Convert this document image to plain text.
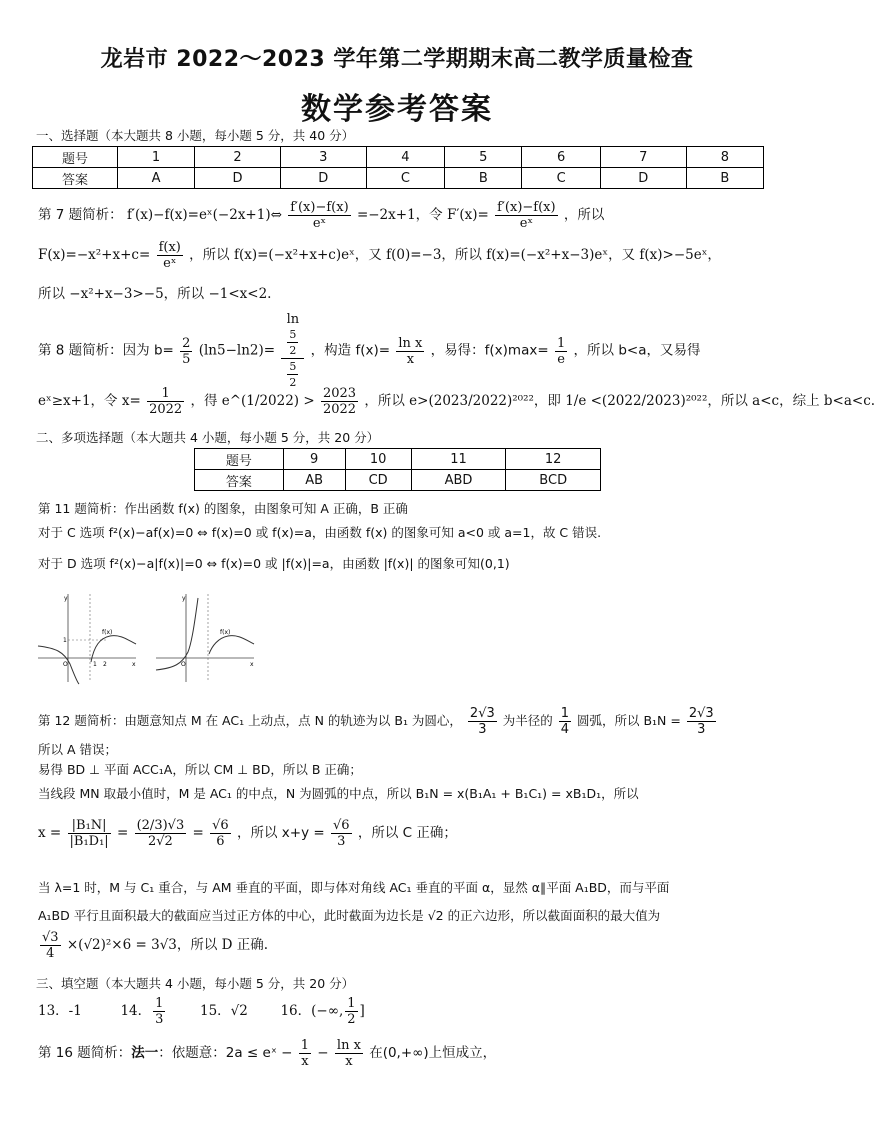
龙岩市 2022～2023 学年第二学期期末高二教学质量检查
数学参考答案
一、选择题（本大题共 8 小题，每小题 5 分，共 40 分）
题号	1	2	3	4	5	6	7	8
答案	A	D	D	C	B	C	D	B
第 7 题简析： f′(x)−f(x)=eˣ(−2x+1)⇔ $\frac{f'(x)-f(x)}{\text{eˣ}} =-2x+1$，令 $F'(x)= \frac{f'(x)-f(x)}{\text{eˣ}}$ ，所以
$F(x)=-x^2+x+c= \frac{f(x)}{\text{eˣ}}$ ，所以 f(x)=(−x²+x+c)eˣ，又 f(0)=−3，所以 f(x)=(−x²+x−3)eˣ，又 f(x)>−5eˣ，
所以 −x²+x−3>−5，所以 −1<x<2.
第 8 题简析：因为 $b= \frac{2}{5} (\ln 5-\ln 2)= \ln$
5
2
5
2 ，构造 $f(x)= \frac{\text{ln x}}{x}$ ，易得：$f(x)\max= \frac{1}{e}$ ，所以 b<a，又易得
eˣ≥x+1，令 $x= \frac{1}{2022}$ ，得 e^(1/2022) > $\frac{2023}{2022}$ ，所以 e>(2023/2022)²⁰²²，即 1/e <(2022/2023)²⁰²²，所以 a<c，综上 b<a<c.
二、多项选择题（本大题共 4 小题，每小题 5 分，共 20 分）
题号	9	10	11	12
答案	AB	CD	ABD	BCD
第 11 题简析：作出函数 f(x) 的图象，由图象可知 A 正确，B 正确
对于 C 选项 f²(x)−af(x)=0 ⇔ f(x)=0 或 f(x)=a，由函数 f(x) 的图象可知 a<0 或 a=1，故 C 错误.
对于 D 选项 f²(x)−a|f(x)|=0 ⇔ f(x)=0 或 |f(x)|=a，由函数 |f(x)| 的图象可知(0,1)
y
x
O
1
1 2
f(x)
y
x
O
f(x)
第 12 题简析：由题意知点 M 在 AC₁ 上动点，点 N 的轨迹为以 B₁ 为圆心， $\frac{2√3}{3}$ 为半径的 $\frac{1}{4}$ 圆弧，所以 $B_1N = \frac{2√3}{3}$
所以 A 错误；
易得 BD ⊥ 平面 ACC₁A，所以 CM ⊥ BD，所以 B 正确；
当线段 MN 取最小值时，M 是 AC₁ 的中点，N 为圆弧的中点，所以 B₁N = x(B₁A₁ + B₁C₁) = xB₁D₁，所以
$x = \frac{\text{|B₁N|}}{\text{|B₁D₁|}} = \frac{(2/3)√3}{2√2} = \frac{√6}{6}$ ，所以 $x+y = \frac{√6}{3}$ ，所以 C 正确；
当 λ=1 时，M 与 C₁ 重合，与 AM 垂直的平面，即与体对角线 AC₁ 垂直的平面 α，显然 α∥平面 A₁BD，而与平面
A₁BD 平行且面积最大的截面应当过正方体的中心，此时截面为边长是 √2 的正六边形，所以截面面积的最大值为
$\frac{√3}{4} \times(√2)^2\times 6 = 3√3$，所以 D 正确.
三、填空题（本大题共 4 小题，每小题 5 分，共 20 分）
13．-1	14． $\frac{1}{3}$	15．√2 16．(−∞, $\frac{1}{2}$ ]
第 16 题简析：法一：依题意：2a ≤ eˣ − $\frac{1}{x} - \frac{\text{ln x}}{x}$ 在(0,+∞)上恒成立，
